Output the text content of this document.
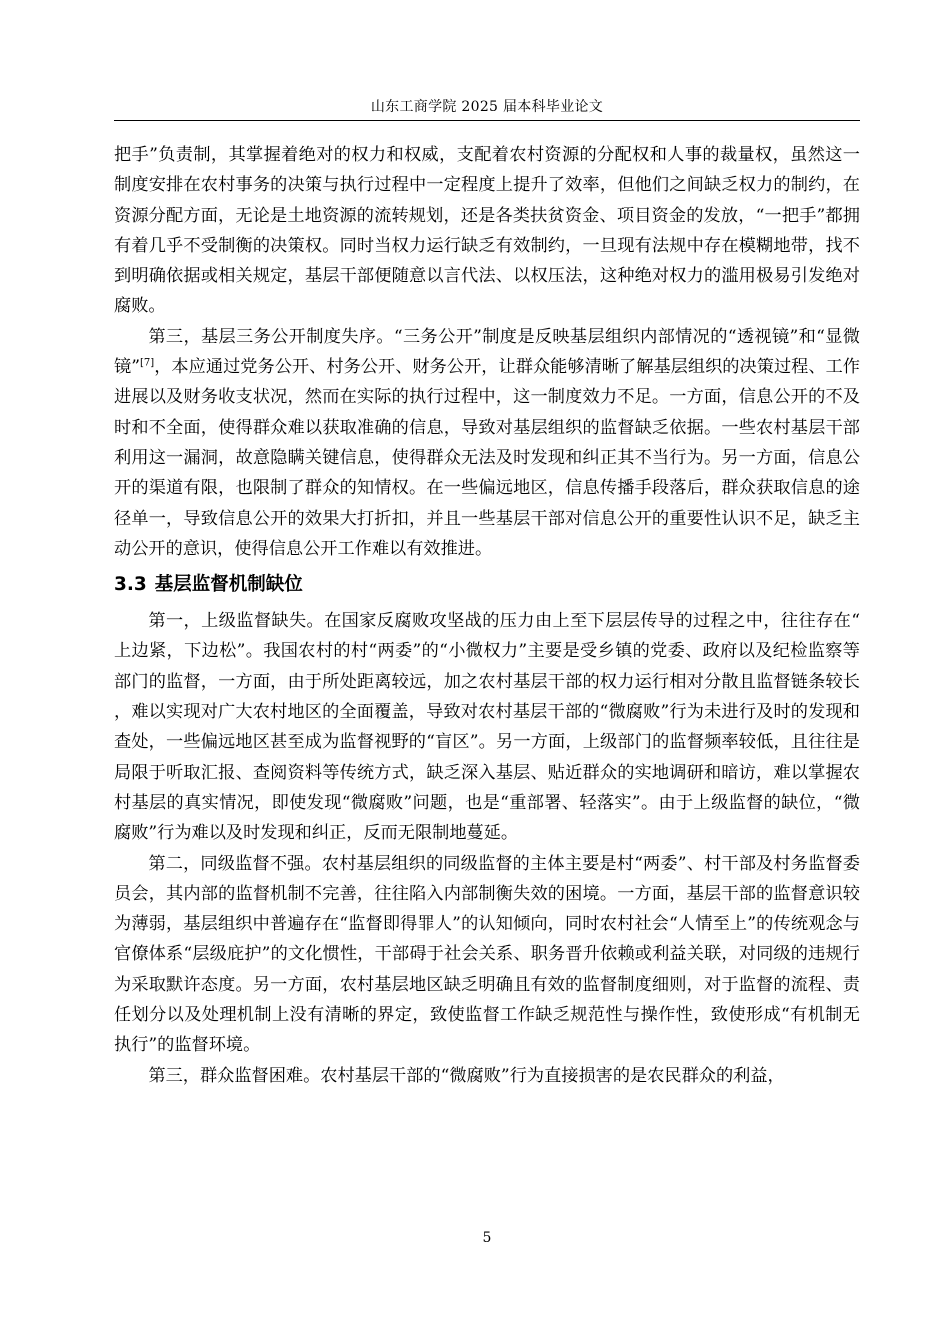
山东工商学院 2025 届本科毕业论文

把手”负责制，其掌握着绝对的权力和权威，支配着农村资源的分配权和人事的裁量权，虽然这一制度安排在农村事务的决策与执行过程中一定程度上提升了效率，但他们之间缺乏权力的制约，在资源分配方面，无论是土地资源的流转规划，还是各类扶贫资金、项目资金的发放，“一把手”都拥有着几乎不受制衡的决策权。同时当权力运行缺乏有效制约，一旦现有法规中存在模糊地带，找不到明确依据或相关规定，基层干部便随意以言代法、以权压法，这种绝对权力的滥用极易引发绝对腐败。

第三，基层三务公开制度失序。“三务公开”制度是反映基层组织内部情况的“透视镜”和“显微镜”[7]，本应通过党务公开、村务公开、财务公开，让群众能够清晰了解基层组织的决策过程、工作进展以及财务收支状况，然而在实际的执行过程中，这一制度效力不足。一方面，信息公开的不及时和不全面，使得群众难以获取准确的信息，导致对基层组织的监督缺乏依据。一些农村基层干部利用这一漏洞，故意隐瞒关键信息，使得群众无法及时发现和纠正其不当行为。另一方面，信息公开的渠道有限，也限制了群众的知情权。在一些偏远地区，信息传播手段落后，群众获取信息的途径单一，导致信息公开的效果大打折扣，并且一些基层干部对信息公开的重要性认识不足，缺乏主动公开的意识，使得信息公开工作难以有效推进。

3.3 基层监督机制缺位

第一，上级监督缺失。在国家反腐败攻坚战的压力由上至下层层传导的过程之中，往往存在“上边紧，下边松”。我国农村的村“两委”的“小微权力”主要是受乡镇的党委、政府以及纪检监察等部门的监督，一方面，由于所处距离较远，加之农村基层干部的权力运行相对分散且监督链条较长，难以实现对广大农村地区的全面覆盖，导致对农村基层干部的“微腐败”行为未进行及时的发现和查处，一些偏远地区甚至成为监督视野的“盲区”。另一方面，上级部门的监督频率较低，且往往是局限于听取汇报、查阅资料等传统方式，缺乏深入基层、贴近群众的实地调研和暗访，难以掌握农村基层的真实情况，即使发现“微腐败”问题，也是“重部署、轻落实”。由于上级监督的缺位，“微腐败”行为难以及时发现和纠正，反而无限制地蔓延。

第二，同级监督不强。农村基层组织的同级监督的主体主要是村“两委”、村干部及村务监督委员会，其内部的监督机制不完善，往往陷入内部制衡失效的困境。一方面，基层干部的监督意识较为薄弱，基层组织中普遍存在“监督即得罪人”的认知倾向，同时农村社会“人情至上”的传统观念与官僚体系“层级庇护”的文化惯性，干部碍于社会关系、职务晋升依赖或利益关联，对同级的违规行为采取默许态度。另一方面，农村基层地区缺乏明确且有效的监督制度细则，对于监督的流程、责任划分以及处理机制上没有清晰的界定，致使监督工作缺乏规范性与操作性，致使形成“有机制无执行”的监督环境。

第三，群众监督困难。农村基层干部的“微腐败”行为直接损害的是农民群众的利益，

5
